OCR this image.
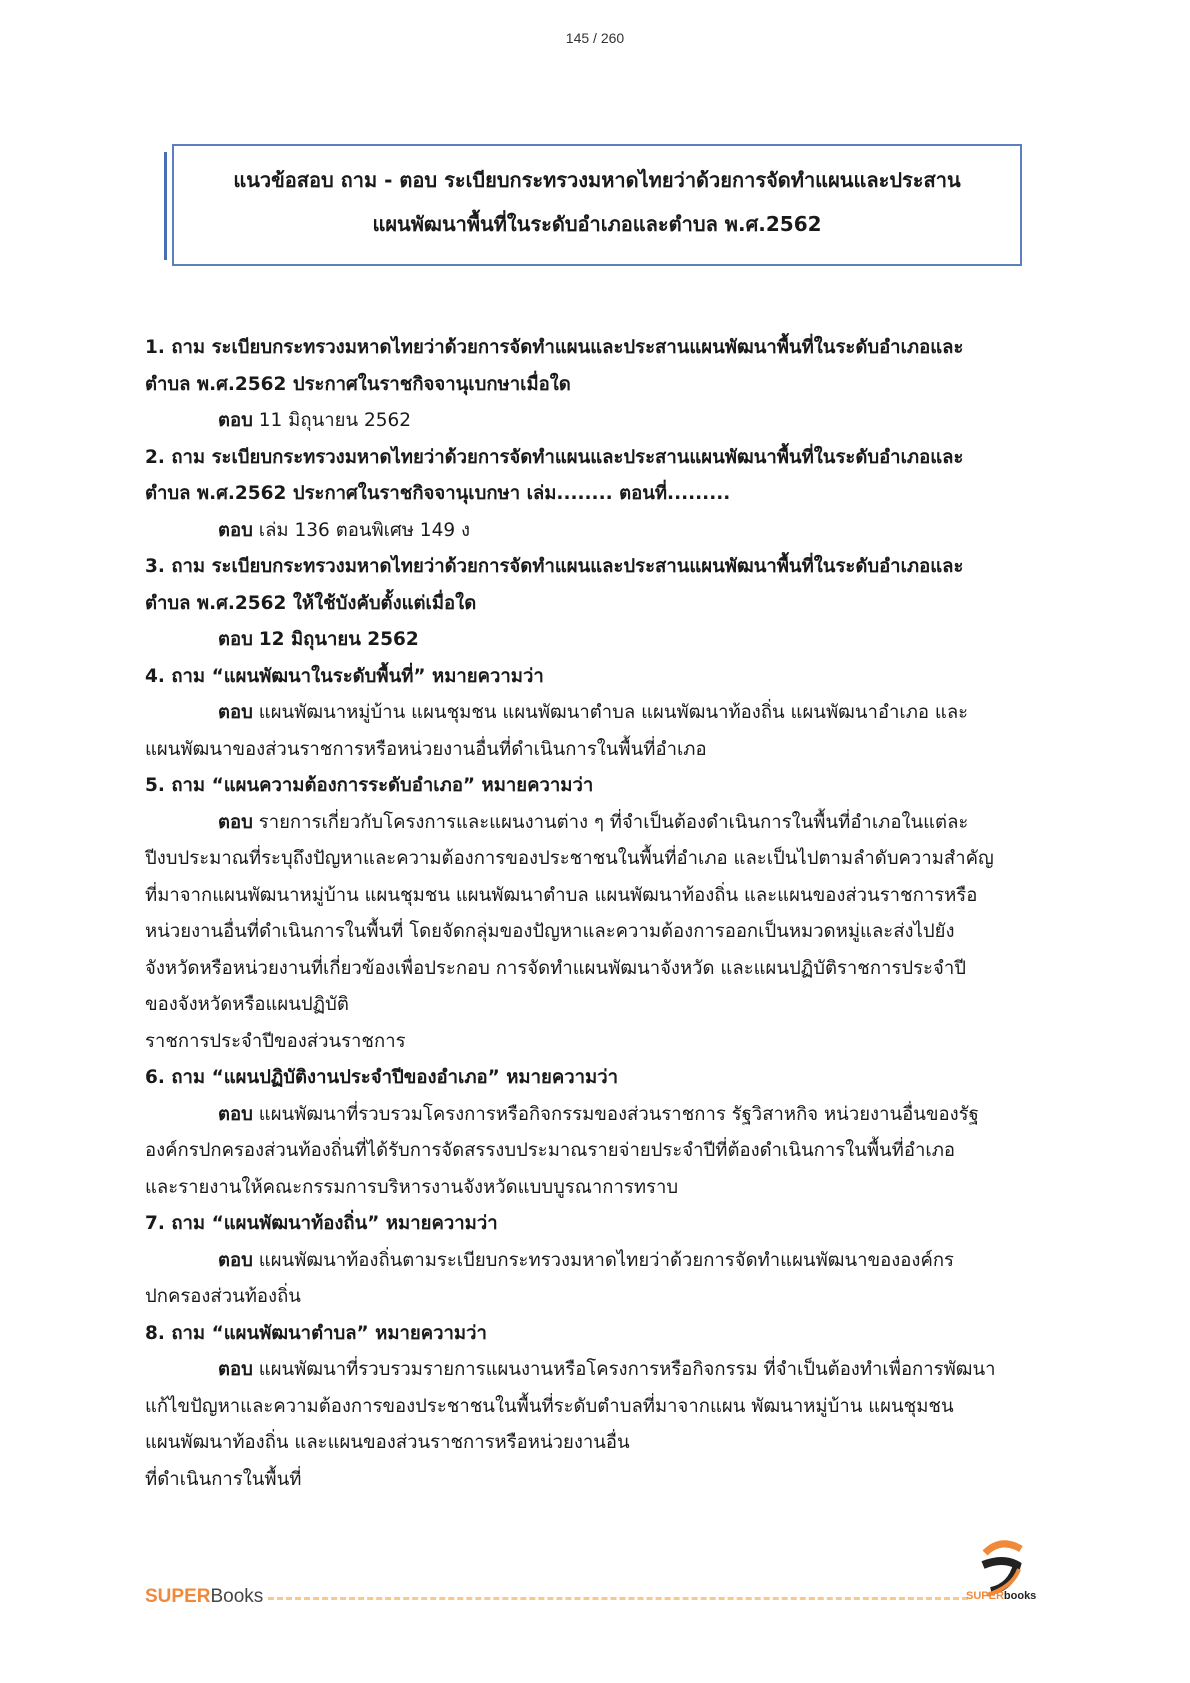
145 / 260
แนวข้อสอบ ถาม - ตอบ ระเบียบกระทรวงมหาดไทยว่าด้วยการจัดทำแผนและประสาน
แผนพัฒนาพื้นที่ในระดับอำเภอและตำบล พ.ศ.2562
1. ถาม ระเบียบกระทรวงมหาดไทยว่าด้วยการจัดทำแผนและประสานแผนพัฒนาพื้นที่ในระดับอำเภอและ
ตำบล พ.ศ.2562 ประกาศในราชกิจจานุเบกษาเมื่อใด
ตอบ 11 มิถุนายน 2562
2. ถาม ระเบียบกระทรวงมหาดไทยว่าด้วยการจัดทำแผนและประสานแผนพัฒนาพื้นที่ในระดับอำเภอและ
ตำบล พ.ศ.2562 ประกาศในราชกิจจานุเบกษา เล่ม........ ตอนที่.........
ตอบ เล่ม 136 ตอนพิเศษ 149 ง
3. ถาม ระเบียบกระทรวงมหาดไทยว่าด้วยการจัดทำแผนและประสานแผนพัฒนาพื้นที่ในระดับอำเภอและ
ตำบล พ.ศ.2562 ให้ใช้บังคับตั้งแต่เมื่อใด
ตอบ 12 มิถุนายน 2562
4. ถาม “แผนพัฒนาในระดับพื้นที่” หมายความว่า
ตอบ แผนพัฒนาหมู่บ้าน แผนชุมชน แผนพัฒนาตำบล แผนพัฒนาท้องถิ่น แผนพัฒนาอำเภอ และ
แผนพัฒนาของส่วนราชการหรือหน่วยงานอื่นที่ดำเนินการในพื้นที่อำเภอ
5. ถาม “แผนความต้องการระดับอำเภอ” หมายความว่า
ตอบ รายการเกี่ยวกับโครงการและแผนงานต่าง ๆ ที่จำเป็นต้องดำเนินการในพื้นที่อำเภอในแต่ละ
ปีงบประมาณที่ระบุถึงปัญหาและความต้องการของประชาชนในพื้นที่อำเภอ และเป็นไปตามลำดับความสำคัญ
ที่มาจากแผนพัฒนาหมู่บ้าน แผนชุมชน แผนพัฒนาตำบล แผนพัฒนาท้องถิ่น และแผนของส่วนราชการหรือ
หน่วยงานอื่นที่ดำเนินการในพื้นที่ โดยจัดกลุ่มของปัญหาและความต้องการออกเป็นหมวดหมู่และส่งไปยัง
จังหวัดหรือหน่วยงานที่เกี่ยวข้องเพื่อประกอบ การจัดทำแผนพัฒนาจังหวัด และแผนปฏิบัติราชการประจำปี
ของจังหวัดหรือแผนปฏิบัติ
ราชการประจำปีของส่วนราชการ
6. ถาม “แผนปฏิบัติงานประจำปีของอำเภอ” หมายความว่า
ตอบ แผนพัฒนาที่รวบรวมโครงการหรือกิจกรรมของส่วนราชการ รัฐวิสาหกิจ หน่วยงานอื่นของรัฐ
องค์กรปกครองส่วนท้องถิ่นที่ได้รับการจัดสรรงบประมาณรายจ่ายประจำปีที่ต้องดำเนินการในพื้นที่อำเภอ
และรายงานให้คณะกรรมการบริหารงานจังหวัดแบบบูรณาการทราบ
7. ถาม “แผนพัฒนาท้องถิ่น” หมายความว่า
ตอบ แผนพัฒนาท้องถิ่นตามระเบียบกระทรวงมหาดไทยว่าด้วยการจัดทำแผนพัฒนาขององค์กร
ปกครองส่วนท้องถิ่น
8. ถาม “แผนพัฒนาตำบล” หมายความว่า
ตอบ แผนพัฒนาที่รวบรวมรายการแผนงานหรือโครงการหรือกิจกรรม ที่จำเป็นต้องทำเพื่อการพัฒนา
แก้ไขปัญหาและความต้องการของประชาชนในพื้นที่ระดับตำบลที่มาจากแผน พัฒนาหมู่บ้าน แผนชุมชน
แผนพัฒนาท้องถิ่น และแผนของส่วนราชการหรือหน่วยงานอื่น
ที่ดำเนินการในพื้นที่
SUPERBooks	SUPERbooks
